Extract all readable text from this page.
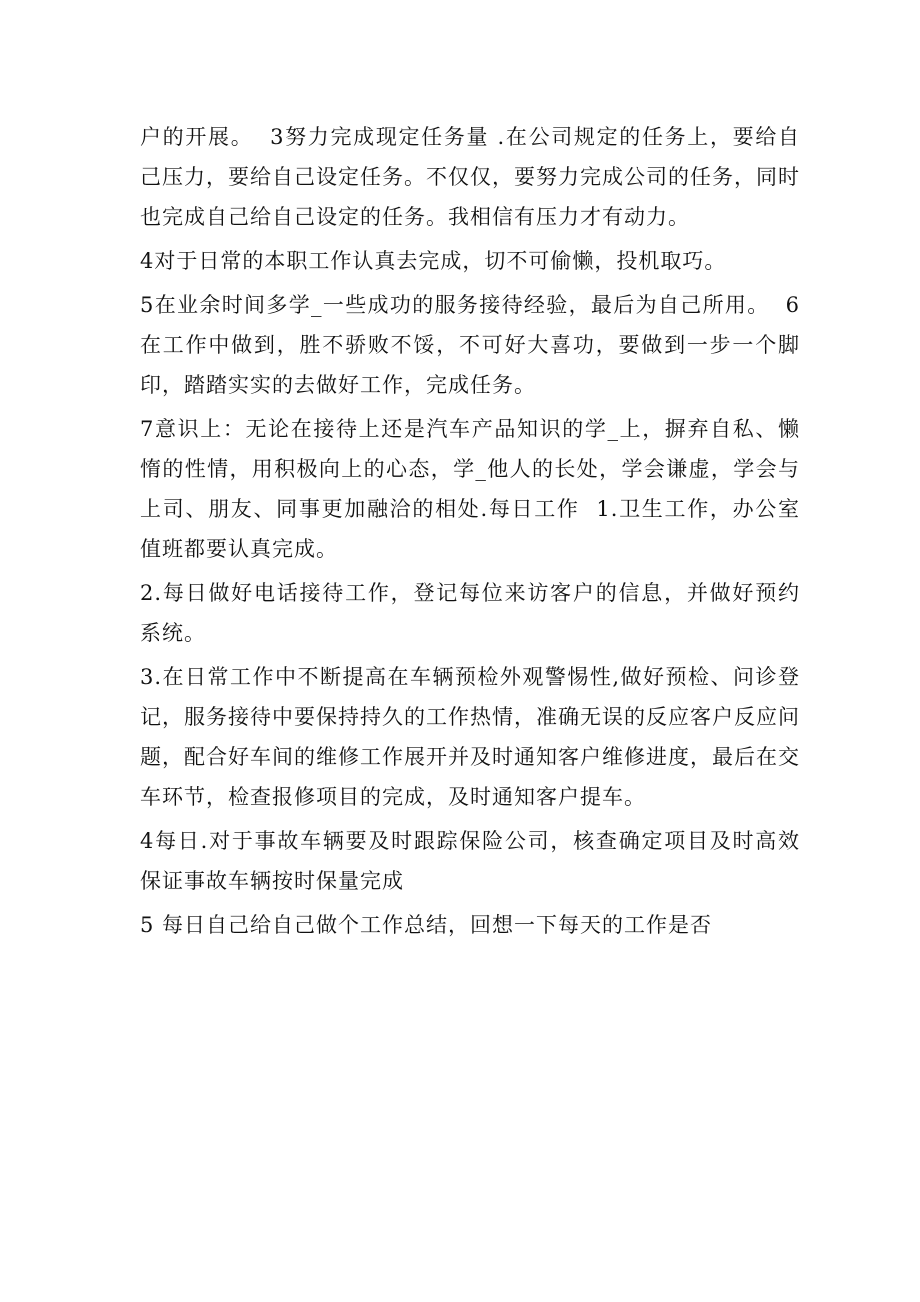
户的开展。  3努力完成现定任务量 .在公司规定的任务上，要给自己压力，要给自己设定任务。不仅仅，要努力完成公司的任务，同时也完成自己给自己设定的任务。我相信有压力才有动力。

4对于日常的本职工作认真去完成，切不可偷懒，投机取巧。

5在业余时间多学_一些成功的服务接待经验，最后为自己所用。  6在工作中做到，胜不骄败不馁，不可好大喜功，要做到一步一个脚印，踏踏实实的去做好工作，完成任务。

7意识上：无论在接待上还是汽车产品知识的学_上，摒弃自私、懒惰的性情，用积极向上的心态，学_他人的长处，学会谦虚，学会与上司、朋友、同事更加融洽的相处.每日工作  1.卫生工作，办公室值班都要认真完成。

2.每日做好电话接待工作，登记每位来访客户的信息，并做好预约系统。

3.在日常工作中不断提高在车辆预检外观警惕性,做好预检、问诊登记，服务接待中要保持持久的工作热情，准确无误的反应客户反应问题，配合好车间的维修工作展开并及时通知客户维修进度，最后在交车环节，检查报修项目的完成，及时通知客户提车。

4每日.对于事故车辆要及时跟踪保险公司，核查确定项目及时高效保证事故车辆按时保量完成

5 每日自己给自己做个工作总结，回想一下每天的工作是否
